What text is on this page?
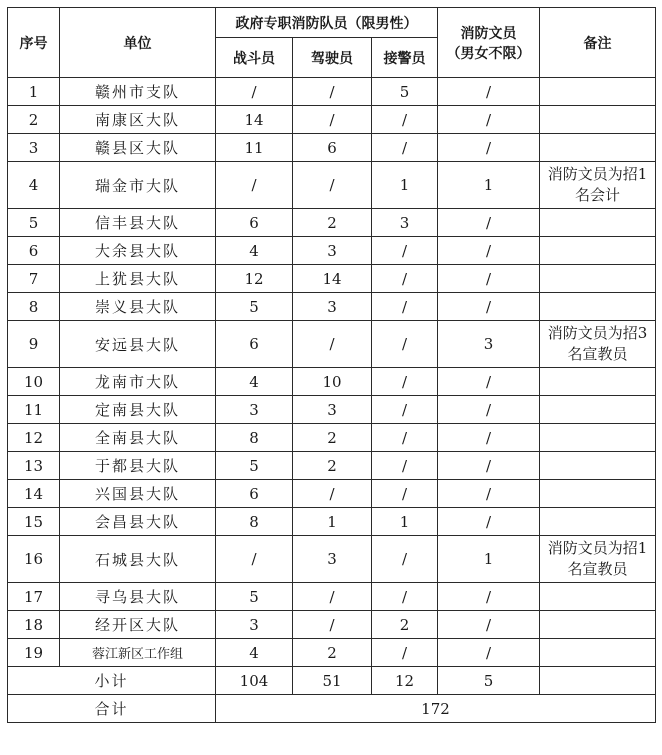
序号	单位	政府专职消防队员（限男性）			消防文员
（男女不限）	备注
		战斗员	驾驶员	接警员		
1	赣州市支队	/	/	5	/	
2	南康区大队	14	/	/	/	
3	赣县区大队	11	6	/	/	
4	瑞金市大队	/	/	1	1	消防文员为招1名会计
5	信丰县大队	6	2	3	/	
6	大余县大队	4	3	/	/	
7	上犹县大队	12	14	/	/	
8	崇义县大队	5	3	/	/	
9	安远县大队	6	/	/	3	消防文员为招3名宣教员
10	龙南市大队	4	10	/	/	
11	定南县大队	3	3	/	/	
12	全南县大队	8	2	/	/	
13	于都县大队	5	2	/	/	
14	兴国县大队	6	/	/	/	
15	会昌县大队	8	1	1	/	
16	石城县大队	/	3	/	1	消防文员为招1名宣教员
17	寻乌县大队	5	/	/	/	
18	经开区大队	3	/	2	/	
19	蓉江新区工作组	4	2	/	/	
小计		104	51	12	5	
合计		172				
